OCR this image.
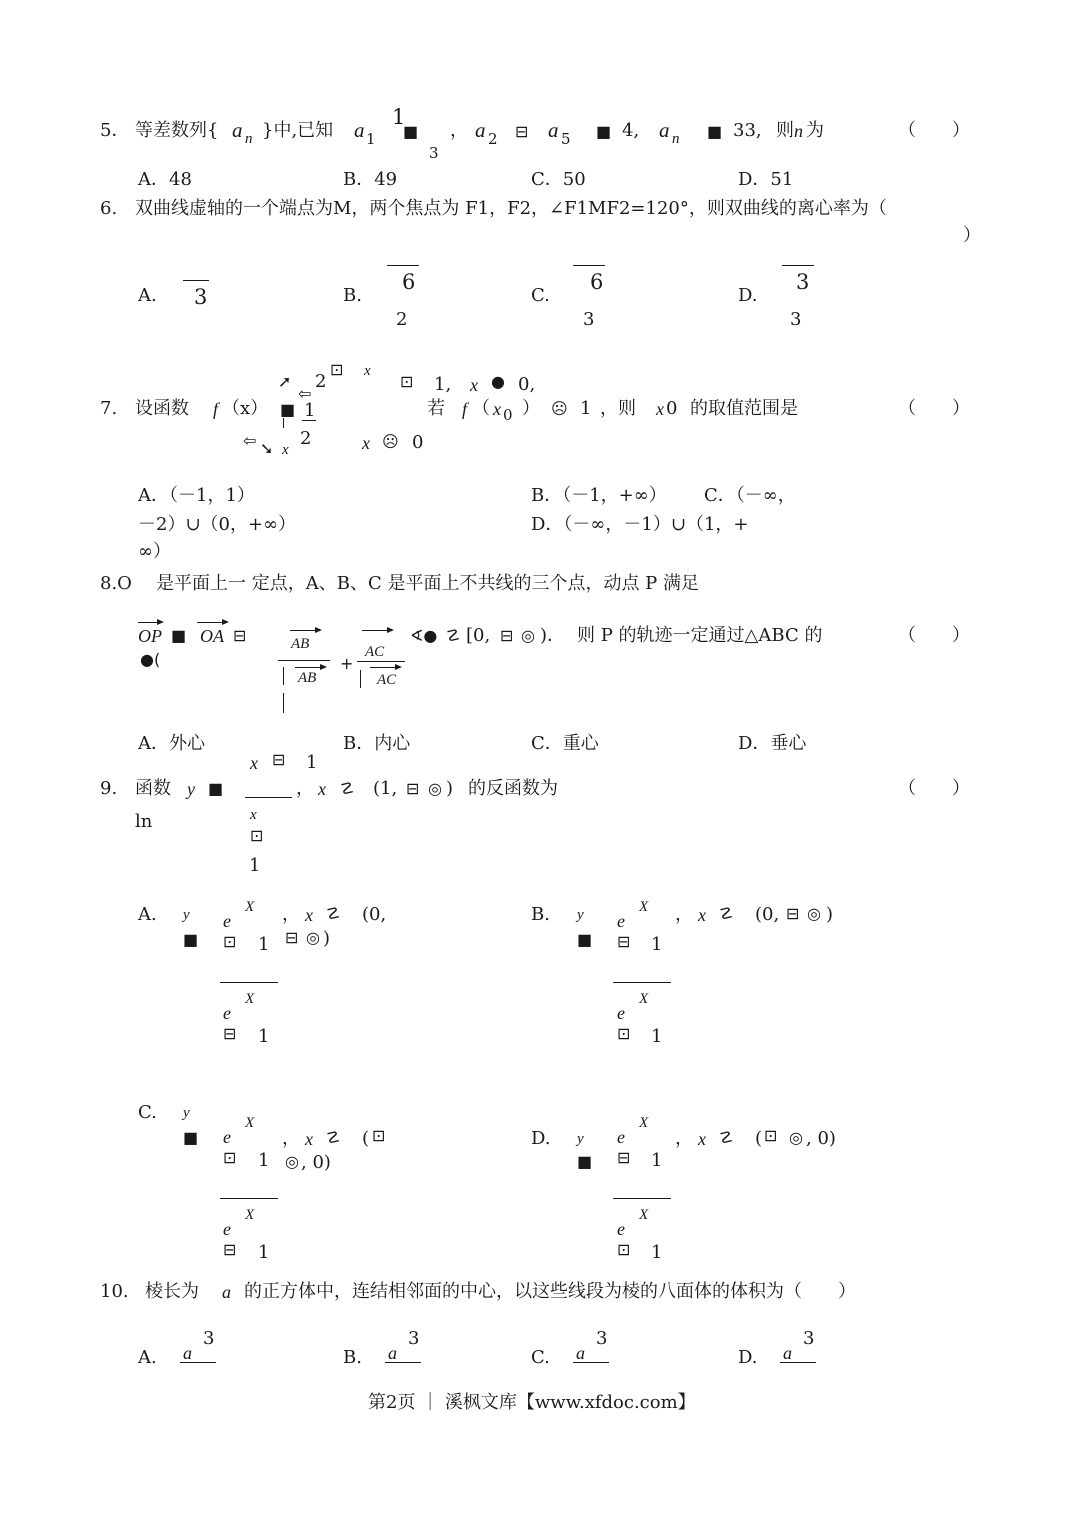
5． 等差数列{ a n }中,已知 a 1
1
■
3
， a 2 ⊟ a 5 ■ 4, a n ■ 33, 则 n 为	（　　）
A．48	B．49	C．50	D．51
6. 双曲线虚轴的一个端点为M，两个焦点为 F1，F2，∠F1MF2=120°，则双曲线的离心率为（
）
A. 3	B.
6
2
C.
6
3
D.
3
3
➚
⇦
2
⊡ x
⊡ 1, x ● 0,
7. 设函数 f （x） ■ 1
2
若 f （ x 0 ） ☹ 1 ，则 x 0 的取值范围是	（　　）
⇦ ➘ x	x ☹ 0
A．（－1，1）	B．（－1，+∞） C．（－∞，
－2）∪（0，+∞）	D．（－∞，－1）∪（1，+
∞）
8.O 是平面上一 定点，A、B、C 是平面上不共线的三个点，动点 P 满足
OP ■ OA ⊟
●(
AB
AB
+
AC
AC
∢● ☡ [0, ⊟ ◎ )． 则 P 的轨迹一定通过△ABC 的	（　　）
A．外心	B．内心	C．重心	D．垂心
x ⊟ 1
9. 函数 y ■	， x ☡ (1, ⊟ ◎ ) 的反函数为	（　　）
ln	x
⊡
1
A. y
■
e
X
⊡ 1
e
X
⊟ 1
， x ☡ (0,
⊟ ◎ )
B. y
■
e
X
⊟ 1
e
X
⊡ 1
， x ☡ (0, ⊟ ◎ )
C. y
■ e
X
⊡ 1
e
X
⊟ 1
， x ☡ ( ⊡
◎ , 0)
D. y
■
e
X
⊟ 1
e
X
⊡ 1
， x ☡ ( ⊡ ◎ , 0)
10. 棱长为 a 的正方体中，连结相邻面的中心，以这些线段为棱的八面体的体积为（　　）
A. a
3
B. a
3
C. a
3
D. a
3
第2页 ｜ 溪枫文库【www.xfdoc.com】
